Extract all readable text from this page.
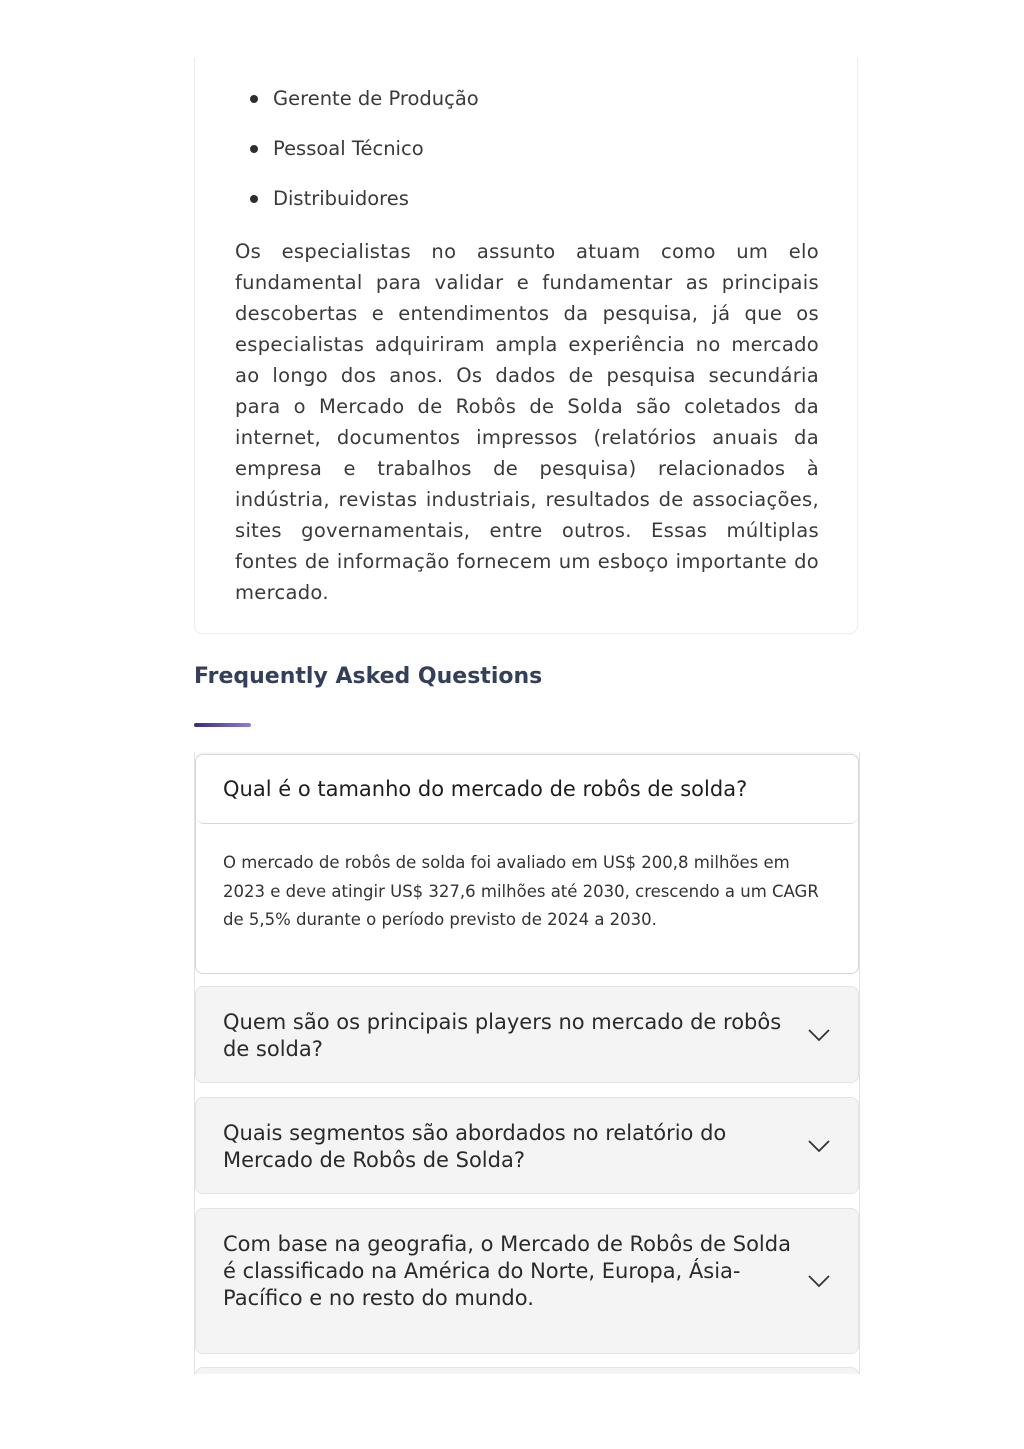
Gerente de Produção
Pessoal Técnico
Distribuidores

Os especialistas no assunto atuam como um elo fundamental para validar e fundamentar as principais descobertas e entendimentos da pesquisa, já que os especialistas adquiriram ampla experiência no mercado ao longo dos anos. Os dados de pesquisa secundária para o Mercado de Robôs de Solda são coletados da internet, documentos impressos (relatórios anuais da empresa e trabalhos de pesquisa) relacionados à indústria, revistas industriais, resultados de associações, sites governamentais, entre outros. Essas múltiplas fontes de informação fornecem um esboço importante do mercado.

Frequently Asked Questions
Qual é o tamanho do mercado de robôs de solda?

O mercado de robôs de solda foi avaliado em US$ 200,8 milhões em 2023 e deve atingir US$ 327,6 milhões até 2030, crescendo a um CAGR de 5,5% durante o período previsto de 2024 a 2030.

Quem são os principais players no mercado de robôs de solda?
Quais segmentos são abordados no relatório do Mercado de Robôs de Solda?
Com base na geografia, o Mercado de Robôs de Solda é classificado na América do Norte, Europa, Ásia-Pacífico e no resto do mundo.
